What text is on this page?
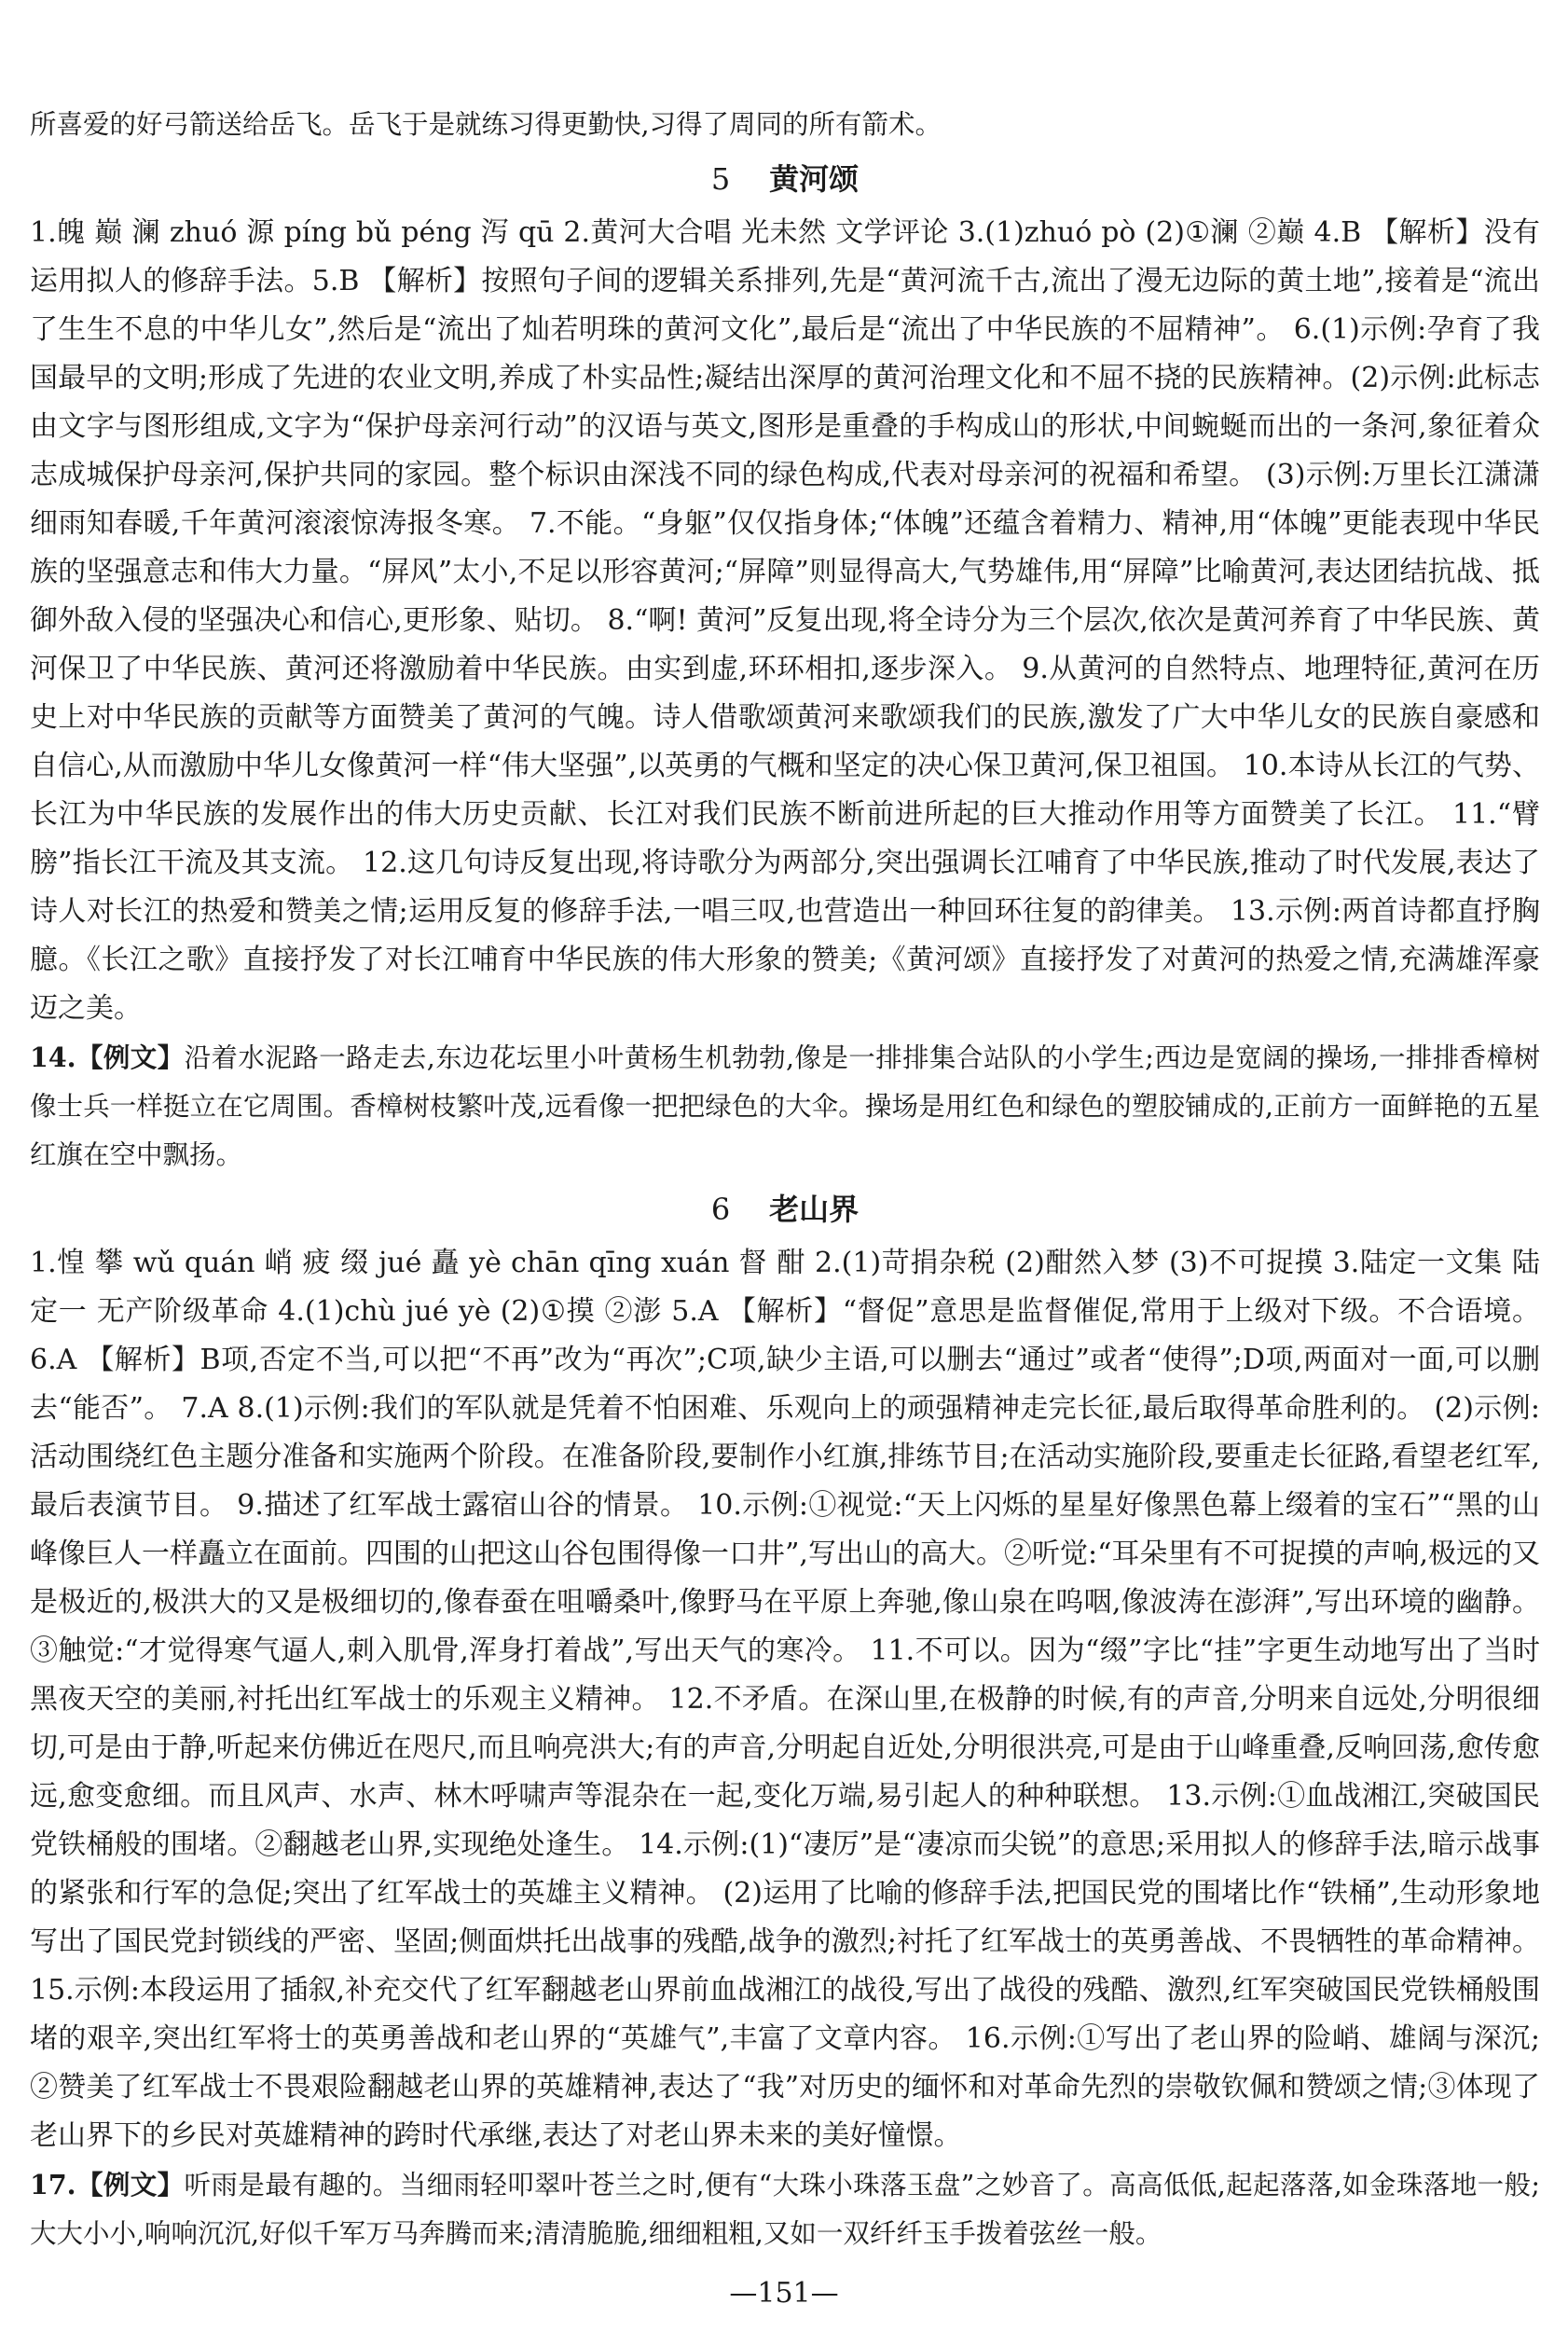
所喜爱的好弓箭送给岳飞。岳飞于是就练习得更勤快,习得了周同的所有箭术。

5 黄河颂

1.魄 巅 澜 zhuó 源 píng bǔ péng 泻 qū 2.黄河大合唱 光未然 文学评论 3.(1)zhuó pò (2)①澜 ②巅 4.B 【解析】没有运用拟人的修辞手法。5.B 【解析】按照句子间的逻辑关系排列,先是“黄河流千古,流出了漫无边际的黄土地”,接着是“流出了生生不息的中华儿女”,然后是“流出了灿若明珠的黄河文化”,最后是“流出了中华民族的不屈精神”。 6.(1)示例:孕育了我国最早的文明;形成了先进的农业文明,养成了朴实品性;凝结出深厚的黄河治理文化和不屈不挠的民族精神。(2)示例:此标志由文字与图形组成,文字为“保护母亲河行动”的汉语与英文,图形是重叠的手构成山的形状,中间蜿蜒而出的一条河,象征着众志成城保护母亲河,保护共同的家园。整个标识由深浅不同的绿色构成,代表对母亲河的祝福和希望。 (3)示例:万里长江潇潇细雨知春暖,千年黄河滚滚惊涛报冬寒。 7.不能。“身躯”仅仅指身体;“体魄”还蕴含着精力、精神,用“体魄”更能表现中华民族的坚强意志和伟大力量。“屏风”太小,不足以形容黄河;“屏障”则显得高大,气势雄伟,用“屏障”比喻黄河,表达团结抗战、抵御外敌入侵的坚强决心和信心,更形象、贴切。 8.“啊! 黄河”反复出现,将全诗分为三个层次,依次是黄河养育了中华民族、黄河保卫了中华民族、黄河还将激励着中华民族。由实到虚,环环相扣,逐步深入。 9.从黄河的自然特点、地理特征,黄河在历史上对中华民族的贡献等方面赞美了黄河的气魄。诗人借歌颂黄河来歌颂我们的民族,激发了广大中华儿女的民族自豪感和自信心,从而激励中华儿女像黄河一样“伟大坚强”,以英勇的气概和坚定的决心保卫黄河,保卫祖国。 10.本诗从长江的气势、长江为中华民族的发展作出的伟大历史贡献、长江对我们民族不断前进所起的巨大推动作用等方面赞美了长江。 11.“臂膀”指长江干流及其支流。 12.这几句诗反复出现,将诗歌分为两部分,突出强调长江哺育了中华民族,推动了时代发展,表达了诗人对长江的热爱和赞美之情;运用反复的修辞手法,一唱三叹,也营造出一种回环往复的韵律美。 13.示例:两首诗都直抒胸臆。《长江之歌》直接抒发了对长江哺育中华民族的伟大形象的赞美;《黄河颂》直接抒发了对黄河的热爱之情,充满雄浑豪迈之美。

14.【例文】沿着水泥路一路走去,东边花坛里小叶黄杨生机勃勃,像是一排排集合站队的小学生;西边是宽阔的操场,一排排香樟树像士兵一样挺立在它周围。香樟树枝繁叶茂,远看像一把把绿色的大伞。操场是用红色和绿色的塑胶铺成的,正前方一面鲜艳的五星红旗在空中飘扬。

6 老山界

1.惶 攀 wǔ quán 峭 疲 缀 jué 矗 yè chān qīng xuán 督 酣 2.(1)苛捐杂税 (2)酣然入梦 (3)不可捉摸 3.陆定一文集 陆定一 无产阶级革命 4.(1)chù jué yè (2)①摸 ②澎 5.A 【解析】“督促”意思是监督催促,常用于上级对下级。不合语境。 6.A 【解析】B项,否定不当,可以把“不再”改为“再次”;C项,缺少主语,可以删去“通过”或者“使得”;D项,两面对一面,可以删去“能否”。 7.A 8.(1)示例:我们的军队就是凭着不怕困难、乐观向上的顽强精神走完长征,最后取得革命胜利的。 (2)示例:活动围绕红色主题分准备和实施两个阶段。在准备阶段,要制作小红旗,排练节目;在活动实施阶段,要重走长征路,看望老红军,最后表演节目。 9.描述了红军战士露宿山谷的情景。 10.示例:①视觉:“天上闪烁的星星好像黑色幕上缀着的宝石”“黑的山峰像巨人一样矗立在面前。四围的山把这山谷包围得像一口井”,写出山的高大。②听觉:“耳朵里有不可捉摸的声响,极远的又是极近的,极洪大的又是极细切的,像春蚕在咀嚼桑叶,像野马在平原上奔驰,像山泉在呜咽,像波涛在澎湃”,写出环境的幽静。③触觉:“才觉得寒气逼人,刺入肌骨,浑身打着战”,写出天气的寒冷。 11.不可以。因为“缀”字比“挂”字更生动地写出了当时黑夜天空的美丽,衬托出红军战士的乐观主义精神。 12.不矛盾。在深山里,在极静的时候,有的声音,分明来自远处,分明很细切,可是由于静,听起来仿佛近在咫尺,而且响亮洪大;有的声音,分明起自近处,分明很洪亮,可是由于山峰重叠,反响回荡,愈传愈远,愈变愈细。而且风声、水声、林木呼啸声等混杂在一起,变化万端,易引起人的种种联想。 13.示例:①血战湘江,突破国民党铁桶般的围堵。②翻越老山界,实现绝处逢生。 14.示例:(1)“凄厉”是“凄凉而尖锐”的意思;采用拟人的修辞手法,暗示战事的紧张和行军的急促;突出了红军战士的英雄主义精神。 (2)运用了比喻的修辞手法,把国民党的围堵比作“铁桶”,生动形象地写出了国民党封锁线的严密、坚固;侧面烘托出战事的残酷,战争的激烈;衬托了红军战士的英勇善战、不畏牺牲的革命精神。 15.示例:本段运用了插叙,补充交代了红军翻越老山界前血战湘江的战役,写出了战役的残酷、激烈,红军突破国民党铁桶般围堵的艰辛,突出红军将士的英勇善战和老山界的“英雄气”,丰富了文章内容。 16.示例:①写出了老山界的险峭、雄阔与深沉;②赞美了红军战士不畏艰险翻越老山界的英雄精神,表达了“我”对历史的缅怀和对革命先烈的崇敬钦佩和赞颂之情;③体现了老山界下的乡民对英雄精神的跨时代承继,表达了对老山界未来的美好憧憬。

17.【例文】听雨是最有趣的。当细雨轻叩翠叶苍兰之时,便有“大珠小珠落玉盘”之妙音了。高高低低,起起落落,如金珠落地一般;大大小小,响响沉沉,好似千军万马奔腾而来;清清脆脆,细细粗粗,又如一双纤纤玉手拨着弦丝一般。

—151—
